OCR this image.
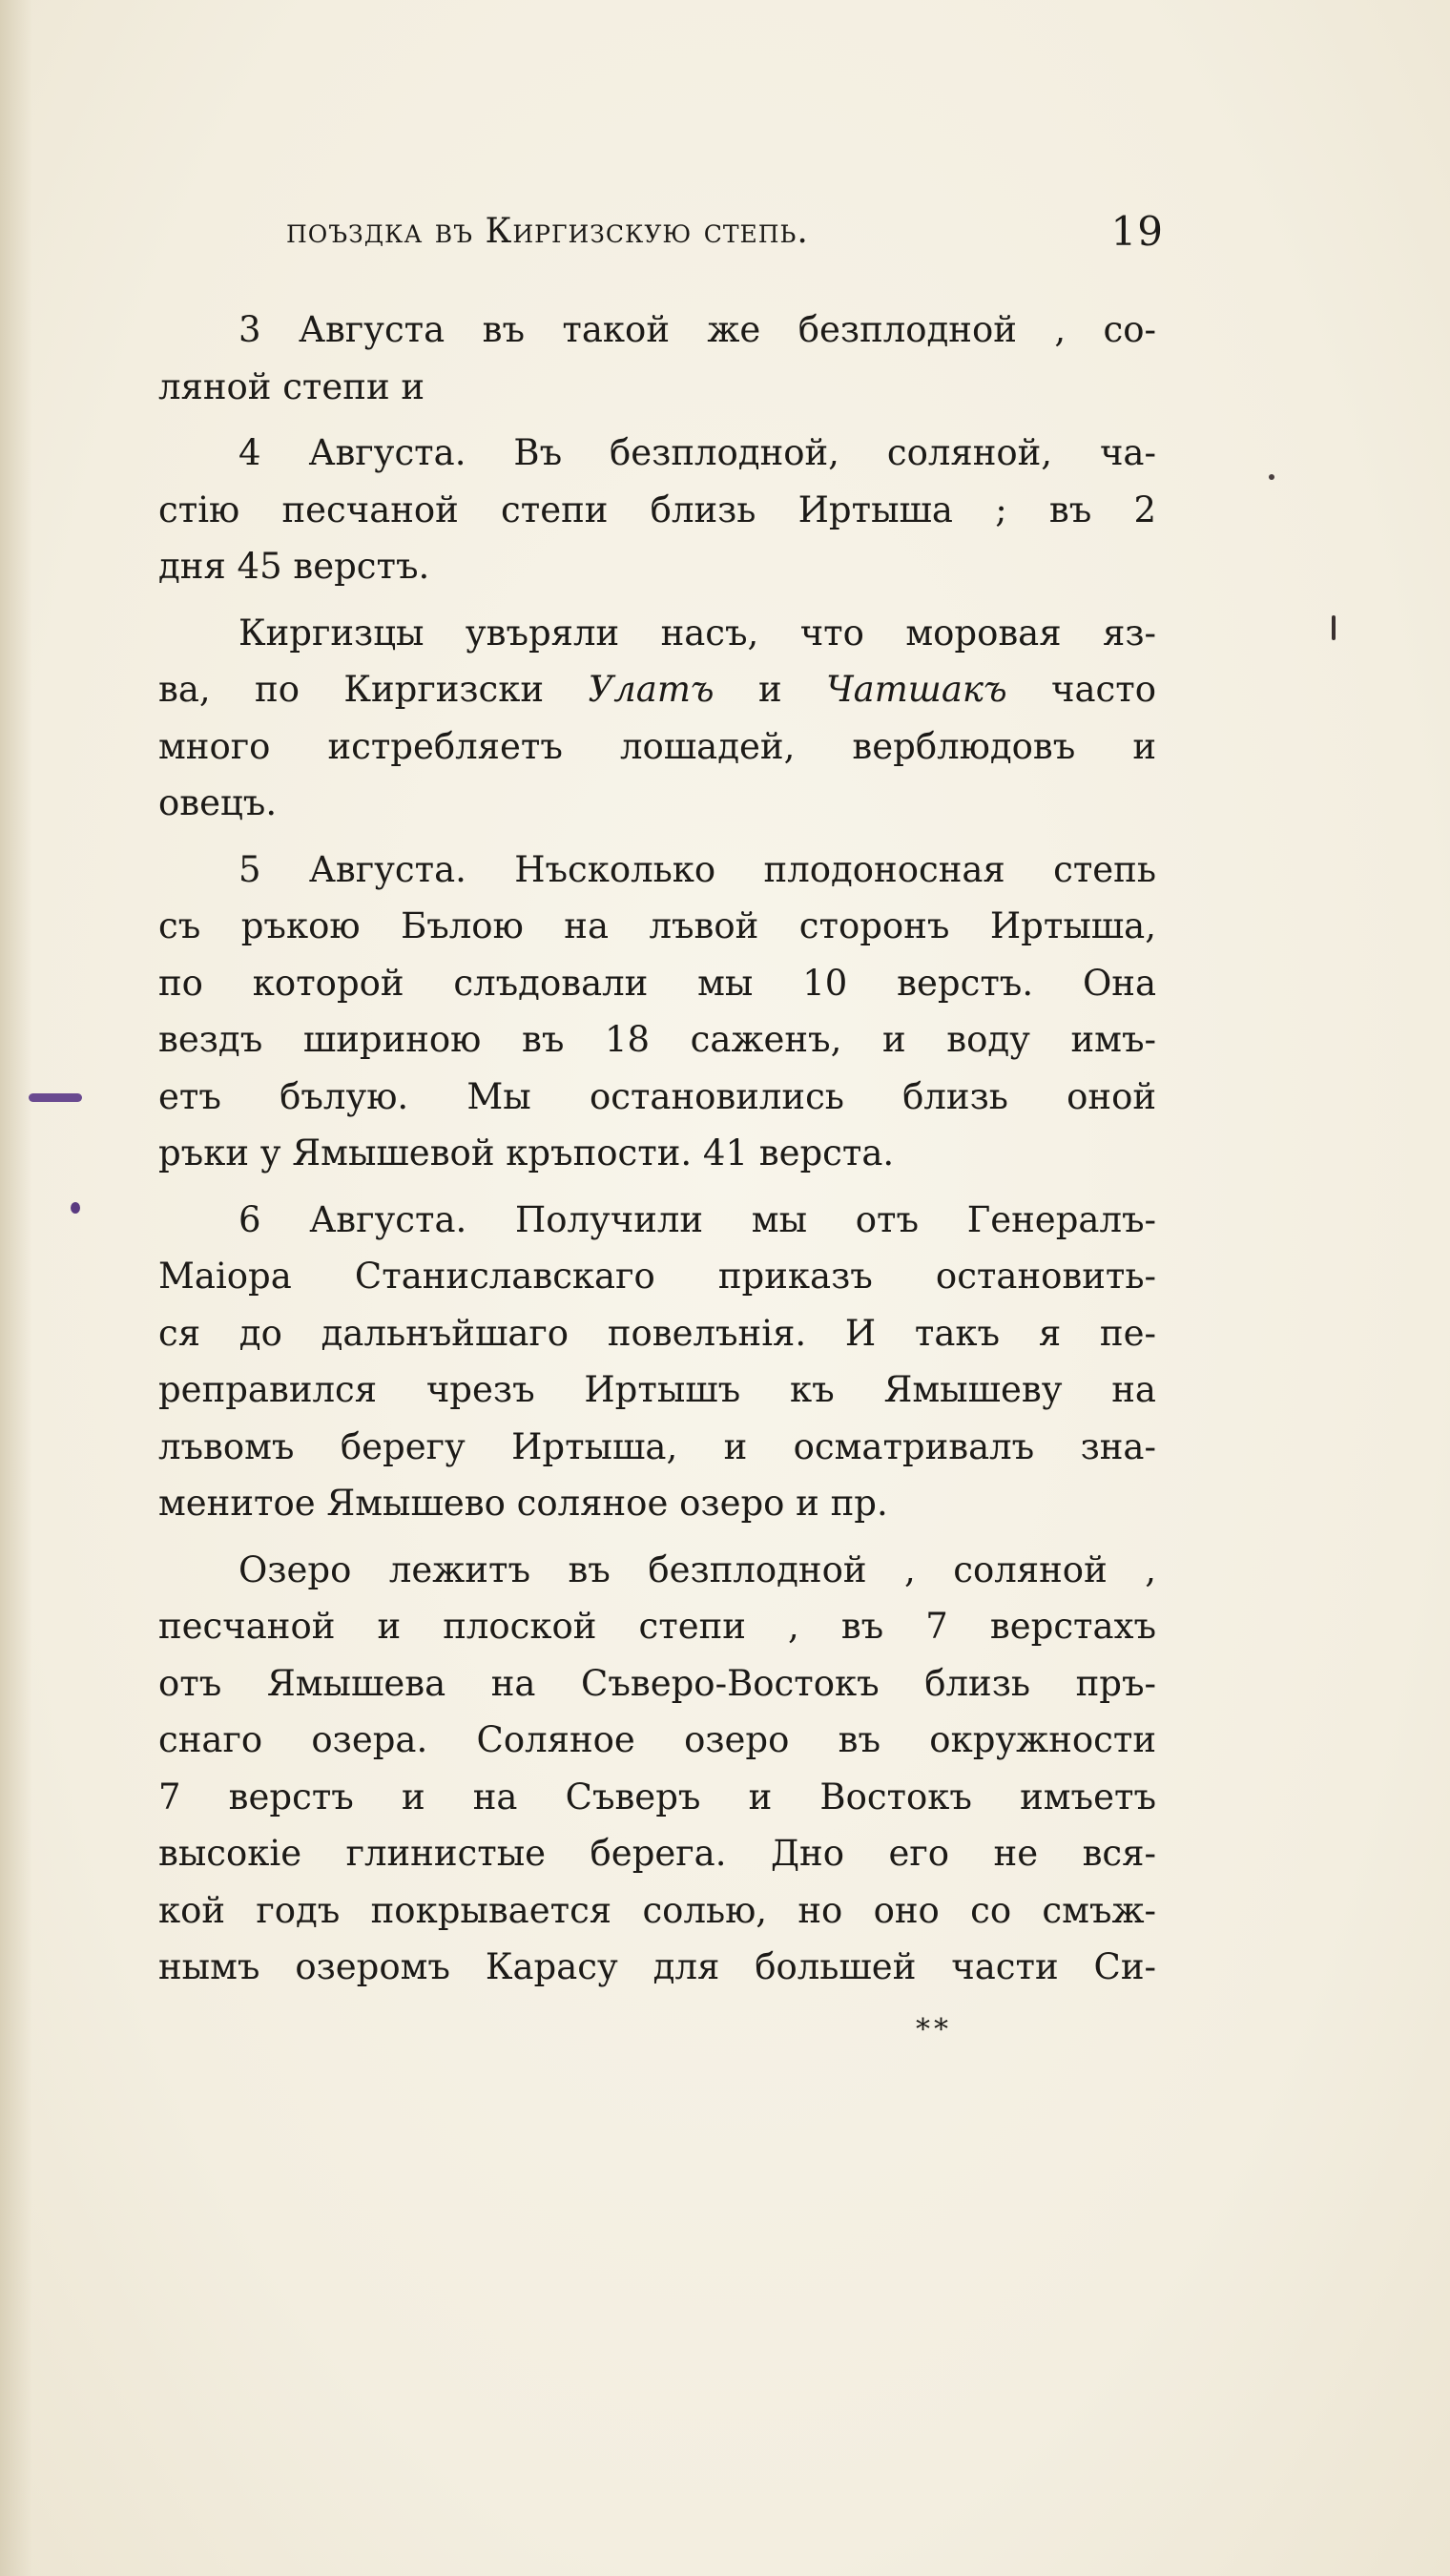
поъздка въ Киргизскую степь.	19
3 Августа въ такой же безплодной , со-
ляной степи и
4 Августа. Въ безплодной, соляной, ча-
стiю песчаной степи близь Иртыша ; въ 2
дня 45 верстъ.
Киргизцы увъряли насъ, что моровая яз-
ва, по Киргизски Улатъ и Чатшакъ часто
много истребляетъ лошадей, верблюдовъ и
овецъ.
5 Августа. Нъсколько плодоносная степь
съ ръкою Бълою на лъвой сторонъ Иртыша,
по которой слъдовали мы 10 верстъ. Она
вездъ шириною въ 18 саженъ, и воду имъ-
етъ бълую. Мы остановились близь оной
ръки у Ямышевой кръпости. 41 верста.
6 Августа. Получили мы отъ Генералъ-
Маiора Станиславскаго приказъ остановить-
ся до дальнъйшаго повелънiя. И такъ я пе-
реправился чрезъ Иртышъ къ Ямышеву на
лъвомъ берегу Иртыша, и осматривалъ зна-
менитое Ямышево соляное озеро и пр.
Озеро лежитъ въ безплодной , соляной ,
песчаной и плоской степи , въ 7 верстахъ
отъ Ямышева на Съверо-Востокъ близь пръ-
снаго озера. Соляное озеро въ окружности
7 верстъ и на Съверъ и Востокъ имъетъ
высокiе глинистые берега. Дно его не вся-
кой годъ покрывается солью, но оно со смъж-
нымъ озеромъ Карасу для большей части Си-
**
